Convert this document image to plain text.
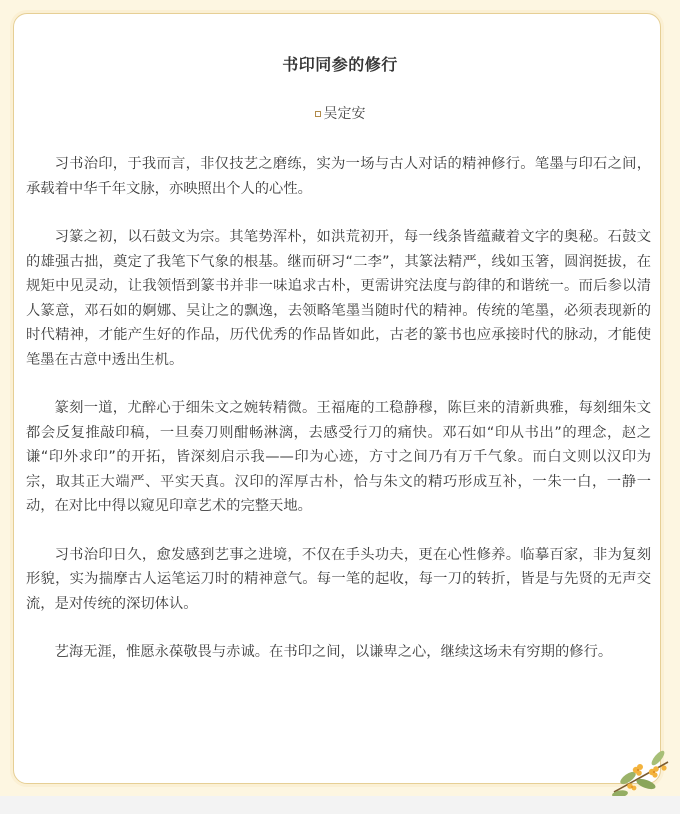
书印同参的修行
吴定安

习书治印，于我而言，非仅技艺之磨练，实为一场与古人对话的精神修行。笔墨与印石之间，承载着中华千年文脉，亦映照出个人的心性。

习篆之初，以石鼓文为宗。其笔势浑朴，如洪荒初开，每一线条皆蕴藏着文字的奥秘。石鼓文的雄强古拙，奠定了我笔下气象的根基。继而研习“二李”，其篆法精严，线如玉箸，圆润挺拔，在规矩中见灵动，让我领悟到篆书并非一味追求古朴，更需讲究法度与韵律的和谐统一。而后参以清人篆意，邓石如的婀娜、吴让之的飘逸，去领略笔墨当随时代的精神。传统的笔墨，必须表现新的时代精神，才能产生好的作品，历代优秀的作品皆如此，古老的篆书也应承接时代的脉动，才能使笔墨在古意中透出生机。

篆刻一道，尤醉心于细朱文之婉转精微。王福庵的工稳静穆，陈巨来的清新典雅，每刻细朱文都会反复推敲印稿，一旦奏刀则酣畅淋漓，去感受行刀的痛快。邓石如“印从书出”的理念，赵之谦“印外求印”的开拓，皆深刻启示我——印为心迹，方寸之间乃有万千气象。而白文则以汉印为宗，取其正大端严、平实天真。汉印的浑厚古朴，恰与朱文的精巧形成互补，一朱一白，一静一动，在对比中得以窥见印章艺术的完整天地。

习书治印日久，愈发感到艺事之进境，不仅在手头功夫，更在心性修养。临摹百家，非为复刻形貌，实为揣摩古人运笔运刀时的精神意气。每一笔的起收，每一刀的转折，皆是与先贤的无声交流，是对传统的深切体认。

艺海无涯，惟愿永葆敬畏与赤诚。在书印之间，以谦卑之心，继续这场未有穷期的修行。
